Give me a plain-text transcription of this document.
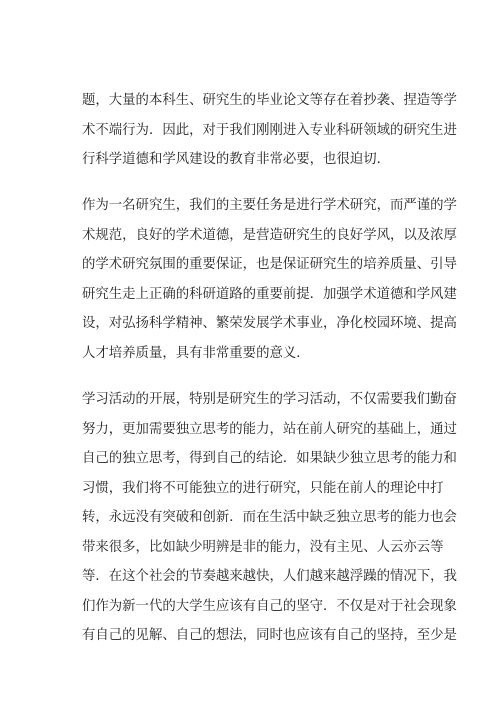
题，大量的本科生、研究生的毕业论文等存在着抄袭、捏造等学
术不端行为．因此，对于我们刚刚进入专业科研领域的研究生进
行科学道德和学风建设的教育非常必要，也很迫切．

作为一名研究生，我们的主要任务是进行学术研究，而严谨的学
术规范，良好的学术道德，是营造研究生的良好学风，以及浓厚
的学术研究氛围的重要保证，也是保证研究生的培养质量、引导
研究生走上正确的科研道路的重要前提．加强学术道德和学风建
设，对弘扬科学精神、繁荣发展学术事业，净化校园环境、提高
人才培养质量，具有非常重要的意义．

学习活动的开展，特别是研究生的学习活动，不仅需要我们勤奋
努力，更加需要独立思考的能力，站在前人研究的基础上，通过
自己的独立思考，得到自己的结论．如果缺少独立思考的能力和
习惯，我们将不可能独立的进行研究，只能在前人的理论中打
转，永远没有突破和创新．而在生活中缺乏独立思考的能力也会
带来很多，比如缺少明辨是非的能力，没有主见、人云亦云等
等．在这个社会的节奏越来越快，人们越来越浮躁的情况下，我
们作为新一代的大学生应该有自己的坚守．不仅是对于社会现象
有自己的见解、自己的想法，同时也应该有自己的坚持，至少是
